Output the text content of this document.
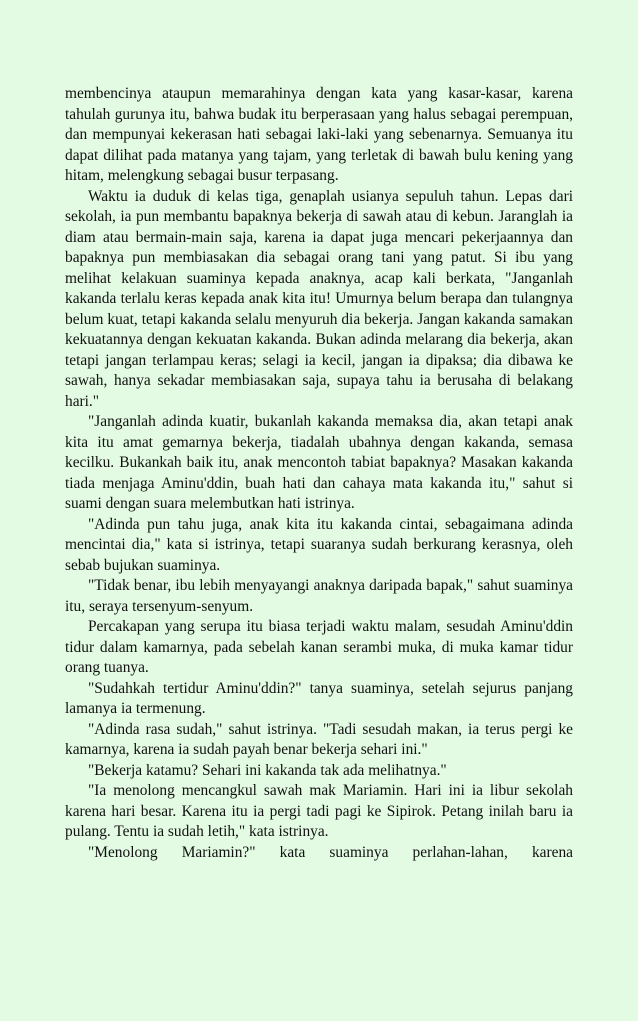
membencinya ataupun memarahinya dengan kata yang kasar-kasar, karena tahulah gurunya itu, bahwa budak itu berperasaan yang halus sebagai perempuan, dan mempunyai kekerasan hati sebagai laki-laki yang sebenarnya. Semuanya itu dapat dilihat pada matanya yang tajam, yang terletak di bawah bulu kening yang hitam, melengkung sebagai busur terpasang.

Waktu ia duduk di kelas tiga, genaplah usianya sepuluh tahun. Lepas dari sekolah, ia pun membantu bapaknya bekerja di sawah atau di kebun. Jaranglah ia diam atau bermain-main saja, karena ia dapat juga mencari pekerjaannya dan bapaknya pun membiasakan dia sebagai orang tani yang patut. Si ibu yang melihat kelakuan suaminya kepada anaknya, acap kali berkata, "Janganlah kakanda terlalu keras kepada anak kita itu! Umurnya belum berapa dan tulangnya belum kuat, tetapi kakanda selalu menyuruh dia bekerja. Jangan kakanda samakan kekuatannya dengan kekuatan kakanda. Bukan adinda melarang dia bekerja, akan tetapi jangan terlampau keras; selagi ia kecil, jangan ia dipaksa; dia dibawa ke sawah, hanya sekadar membiasakan saja, supaya tahu ia berusaha di belakang hari."

"Janganlah adinda kuatir, bukanlah kakanda memaksa dia, akan tetapi anak kita itu amat gemarnya bekerja, tiadalah ubahnya dengan kakanda, semasa kecilku. Bukankah baik itu, anak mencontoh tabiat bapaknya? Masakan kakanda tiada menjaga Aminu'ddin, buah hati dan cahaya mata kakanda itu," sahut si suami dengan suara melembutkan hati istrinya.

"Adinda pun tahu juga, anak kita itu kakanda cintai, sebagaimana adinda mencintai dia," kata si istrinya, tetapi suaranya sudah berkurang kerasnya, oleh sebab bujukan suaminya.

"Tidak benar, ibu lebih menyayangi anaknya daripada bapak," sahut suaminya itu, seraya tersenyum-senyum.

Percakapan yang serupa itu biasa terjadi waktu malam, sesudah Aminu'ddin tidur dalam kamarnya, pada sebelah kanan serambi muka, di muka kamar tidur orang tuanya.

"Sudahkah tertidur Aminu'ddin?" tanya suaminya, setelah sejurus panjang lamanya ia termenung.

"Adinda rasa sudah," sahut istrinya. "Tadi sesudah makan, ia terus pergi ke kamarnya, karena ia sudah payah benar bekerja sehari ini."

"Bekerja katamu? Sehari ini kakanda tak ada melihatnya."

"Ia menolong mencangkul sawah mak Mariamin. Hari ini ia libur sekolah karena hari besar. Karena itu ia pergi tadi pagi ke Sipirok. Petang inilah baru ia pulang. Tentu ia sudah letih," kata istrinya.

"Menolong Mariamin?" kata suaminya perlahan-lahan, karena
